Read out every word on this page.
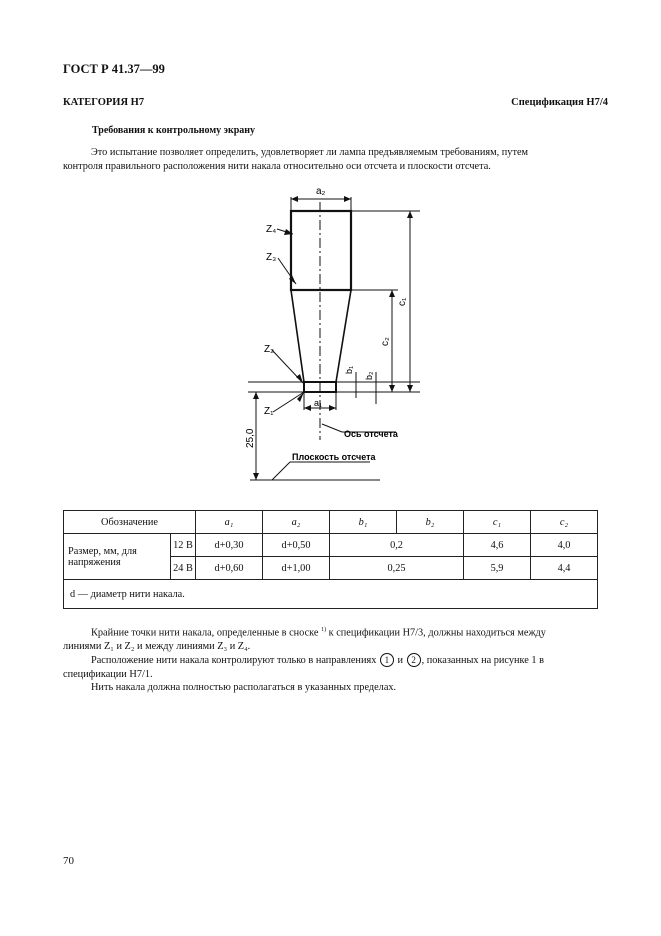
ГОСТ Р 41.37—99
КАТЕГОРИЯ H7	Спецификация H7/4
Требования к контрольному экрану
Это испытание позволяет определить, удовлетворяет ли лампа предъявляемым требованиям, путем
контроля правильного расположения нити накала относительно оси отсчета и плоскости отсчета.
a₂
a₁
Z₄
Z₃
Z₂
Z₁
c₁
c₂
b₁
b₂
25,0	Ось отсчета
Плоскость отсчета
Обозначение		a₁	a₂	b₁	b₂	c₁	c₂
Размер, мм, для напряжения	12 В	d+0,30	d+0,50	0,2		4,6	4,0
	24 В	d+0,60	d+1,00	0,25		5,9	4,4
d — диаметр нити накала.							
Крайние точки нити накала, определенные в сноске $^{1)}$ к спецификации H7/3, должны находиться между
линиями Z₁ и Z₂ и между линиями Z₃ и Z₄.
Расположение нити накала контролируют только в направлениях 1 и 2 , показанных на рисунке 1 в
спецификации H7/1.
Нить накала должна полностью располагаться в указанных пределах.
70
